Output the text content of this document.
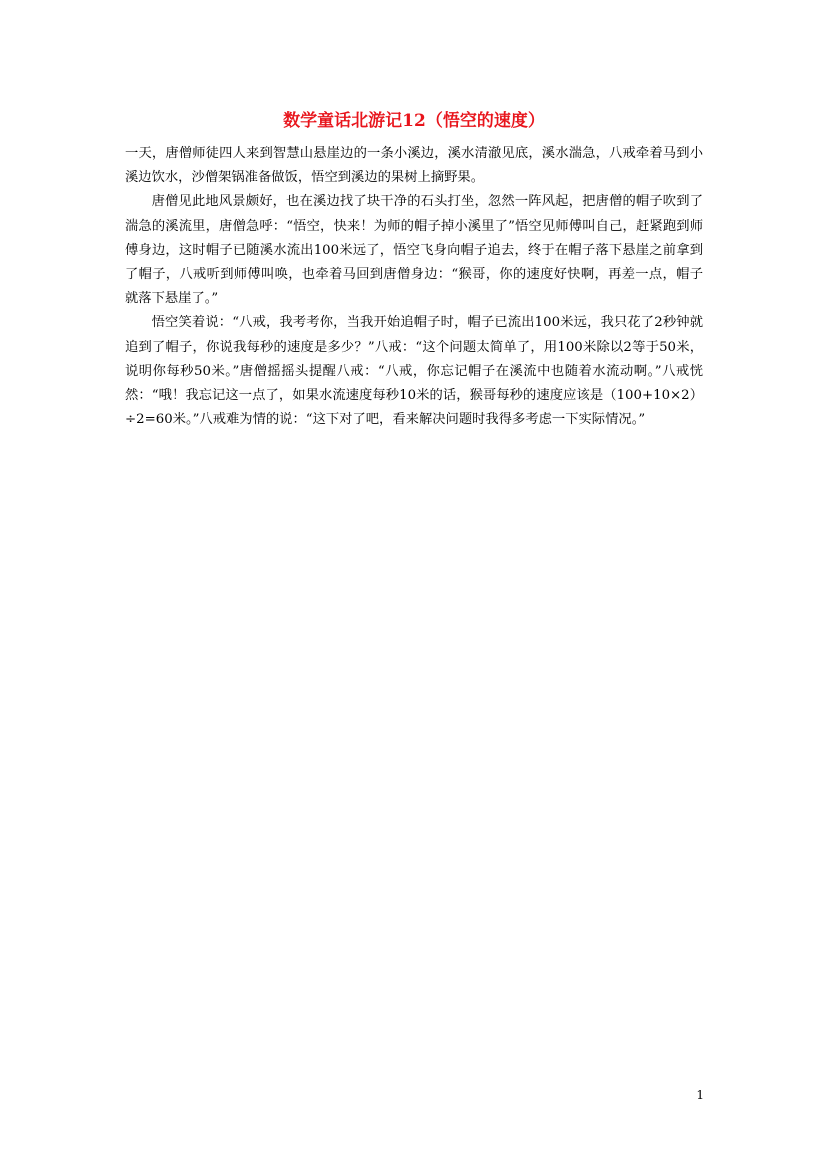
数学童话北游记12（悟空的速度）

一天，唐僧师徒四人来到智慧山悬崖边的一条小溪边，溪水清澈见底，溪水湍急，八戒牵着马到小溪边饮水，沙僧架锅准备做饭，悟空到溪边的果树上摘野果。

唐僧见此地风景颇好，也在溪边找了块干净的石头打坐，忽然一阵风起，把唐僧的帽子吹到了湍急的溪流里，唐僧急呼：“悟空，快来！为师的帽子掉小溪里了”悟空见师傅叫自己，赶紧跑到师傅身边，这时帽子已随溪水流出100米远了，悟空飞身向帽子追去，终于在帽子落下悬崖之前拿到了帽子，八戒听到师傅叫唤，也牵着马回到唐僧身边：“猴哥，你的速度好快啊，再差一点，帽子就落下悬崖了。”

悟空笑着说：“八戒，我考考你，当我开始追帽子时，帽子已流出100米远，我只花了2秒钟就追到了帽子，你说我每秒的速度是多少？”八戒：“这个问题太简单了，用100米除以2等于50米，说明你每秒50米。”唐僧摇摇头提醒八戒：“八戒，你忘记帽子在溪流中也随着水流动啊。”八戒恍然：“哦！我忘记这一点了，如果水流速度每秒10米的话，猴哥每秒的速度应该是（100+10×2）÷2=60米。”八戒难为情的说：“这下对了吧，看来解决问题时我得多考虑一下实际情况。”

1
